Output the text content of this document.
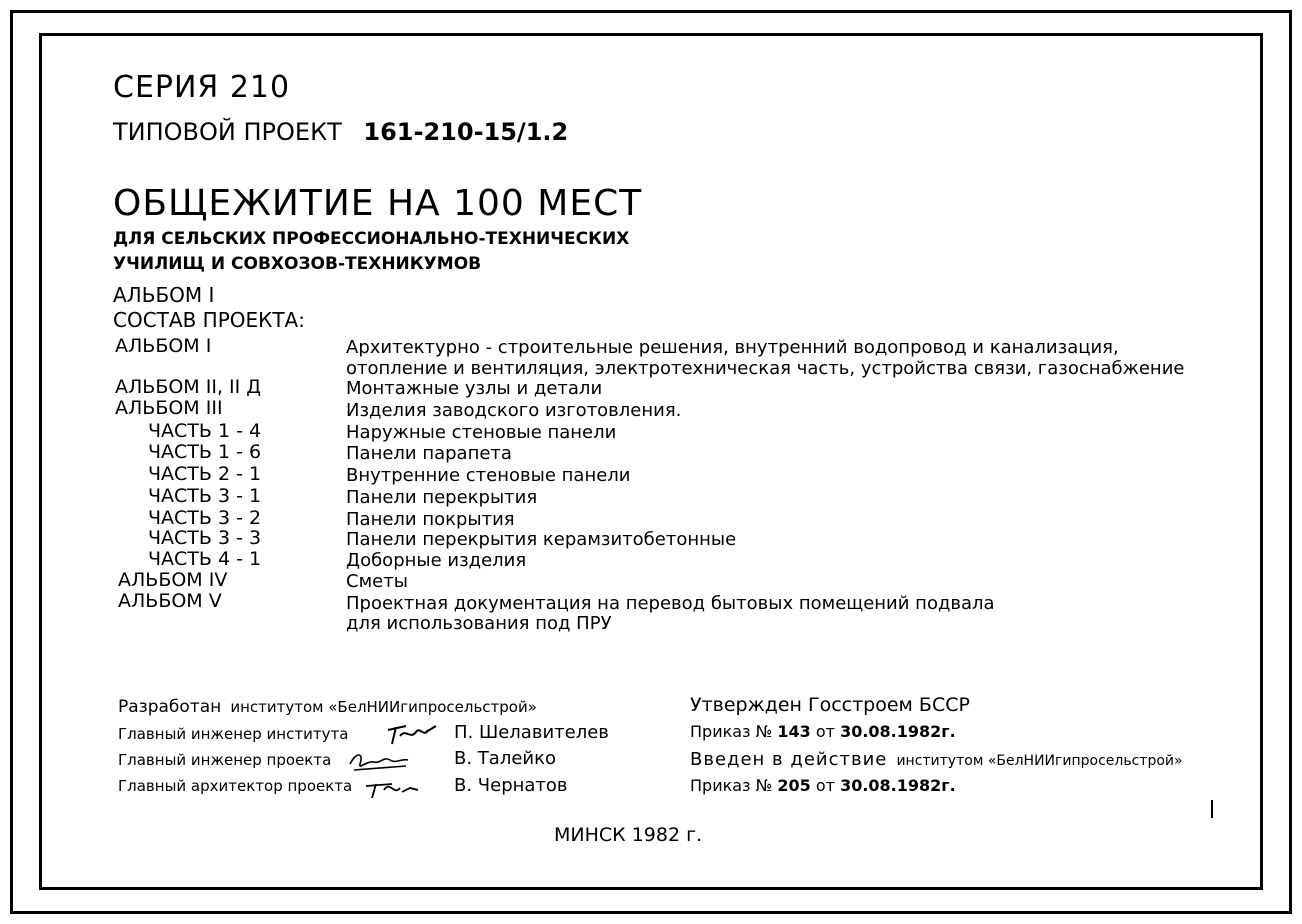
СЕРИЯ 210
ТИПОВОЙ ПРОЕКТ 161-210-15/1.2
ОБЩЕЖИТИЕ НА 100 МЕСТ
ДЛЯ СЕЛЬСКИХ ПРОФЕССИОНАЛЬНО-ТЕХНИЧЕСКИХ
УЧИЛИЩ И СОВХОЗОВ-ТЕХНИКУМОВ
АЛЬБОМ I
СОСТАВ ПРОЕКТА:
АЛЬБОМ I	Архитектурно - строительные решения, внутренний водопровод и канализация,
отопление и вентиляция, электротехническая часть, устройства связи, газоснабжение
АЛЬБОМ II, II Д	Монтажные узлы и детали
АЛЬБОМ III	Изделия заводского изготовления.
ЧАСТЬ 1 - 4	Наружные стеновые панели
ЧАСТЬ 1 - 6	Панели парапета
ЧАСТЬ 2 - 1	Внутренние стеновые панели
ЧАСТЬ 3 - 1	Панели перекрытия
ЧАСТЬ 3 - 2	Панели покрытия
ЧАСТЬ 3 - 3	Панели перекрытия керамзитобетонные
ЧАСТЬ 4 - 1	Доборные изделия
АЛЬБОМ IV	Сметы
АЛЬБОМ V	Проектная документация на перевод бытовых помещений подвала
для использования под ПРУ
Разработан институтом «БелНИИгипросельстрой»
Главный инженер института	П. Шелавителев
Главный инженер проекта	В. Талейко
Главный архитектор проекта	В. Чернатов
Утвержден Госстроем БССР
Приказ № 143 от 30.08.1982г.
Введен в действие институтом «БелНИИгипросельстрой»
Приказ № 205 от 30.08.1982г.
МИНСК 1982 г.
